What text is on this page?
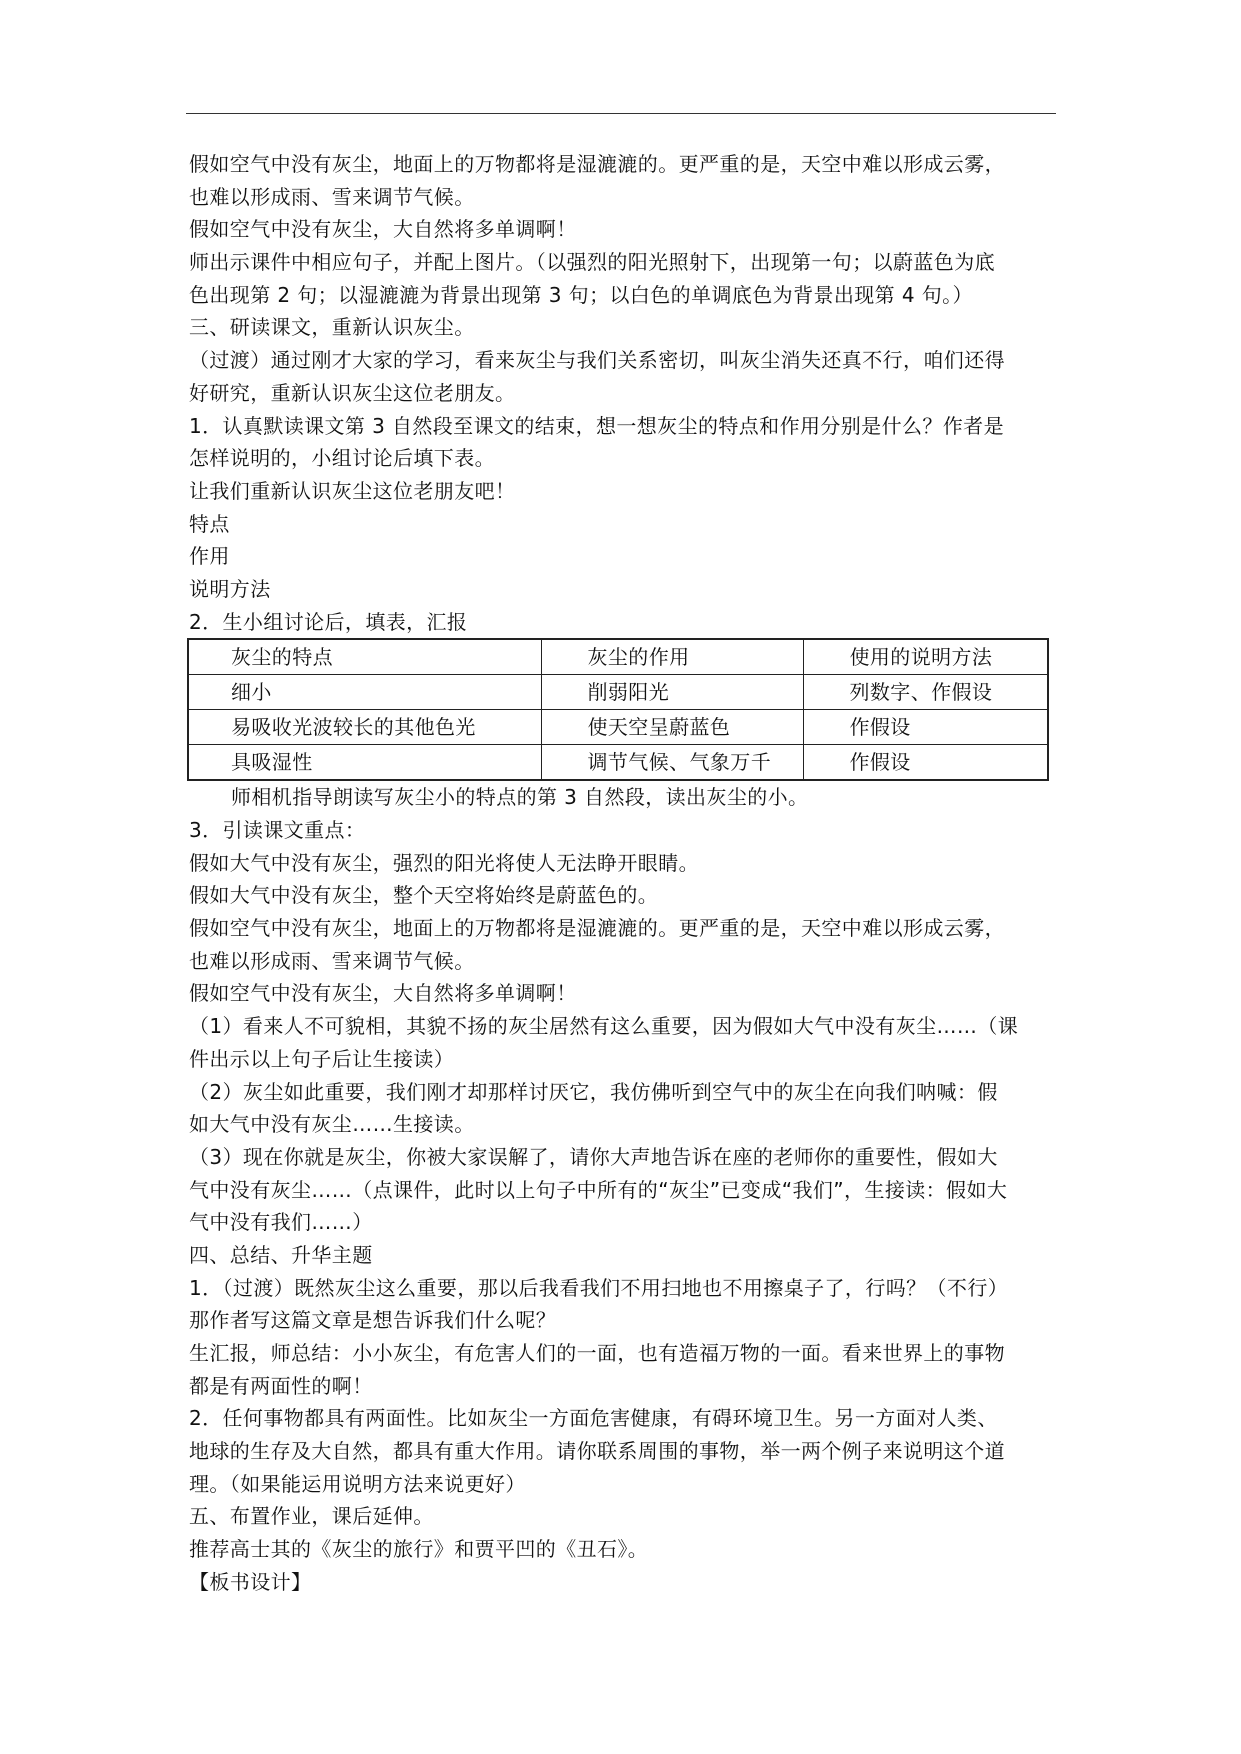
假如空气中没有灰尘，地面上的万物都将是湿漉漉的。更严重的是，天空中难以形成云雾，
也难以形成雨、雪来调节气候。
假如空气中没有灰尘，大自然将多单调啊！
师出示课件中相应句子，并配上图片。（以强烈的阳光照射下，出现第一句；以蔚蓝色为底
色出现第 2 句；以湿漉漉为背景出现第 3 句；以白色的单调底色为背景出现第 4 句。）
三、研读课文，重新认识灰尘。
（过渡）通过刚才大家的学习，看来灰尘与我们关系密切，叫灰尘消失还真不行，咱们还得
好研究，重新认识灰尘这位老朋友。
1．认真默读课文第 3 自然段至课文的结束，想一想灰尘的特点和作用分别是什么？作者是
怎样说明的，小组讨论后填下表。
让我们重新认识灰尘这位老朋友吧！
特点
作用
说明方法
2．生小组讨论后，填表，汇报
灰尘的特点	灰尘的作用	使用的说明方法
细小	削弱阳光	列数字、作假设
易吸收光波较长的其他色光	使天空呈蔚蓝色	作假设
具吸湿性	调节气候、气象万千	作假设
师相机指导朗读写灰尘小的特点的第 3 自然段，读出灰尘的小。
3．引读课文重点：
假如大气中没有灰尘，强烈的阳光将使人无法睁开眼睛。
假如大气中没有灰尘，整个天空将始终是蔚蓝色的。
假如空气中没有灰尘，地面上的万物都将是湿漉漉的。更严重的是，天空中难以形成云雾，
也难以形成雨、雪来调节气候。
假如空气中没有灰尘，大自然将多单调啊！
（1）看来人不可貌相，其貌不扬的灰尘居然有这么重要，因为假如大气中没有灰尘……（课
件出示以上句子后让生接读）
（2）灰尘如此重要，我们刚才却那样讨厌它，我仿佛听到空气中的灰尘在向我们呐喊：假
如大气中没有灰尘……生接读。
（3）现在你就是灰尘，你被大家误解了，请你大声地告诉在座的老师你的重要性，假如大
气中没有灰尘……（点课件，此时以上句子中所有的“灰尘”已变成“我们”，生接读：假如大
气中没有我们……）
四、总结、升华主题
1．（过渡）既然灰尘这么重要，那以后我看我们不用扫地也不用擦桌子了，行吗？（不行）
那作者写这篇文章是想告诉我们什么呢？
生汇报，师总结：小小灰尘，有危害人们的一面，也有造福万物的一面。看来世界上的事物
都是有两面性的啊！
2．任何事物都具有两面性。比如灰尘一方面危害健康，有碍环境卫生。另一方面对人类、
地球的生存及大自然，都具有重大作用。请你联系周围的事物，举一两个例子来说明这个道
理。（如果能运用说明方法来说更好）
五、布置作业，课后延伸。
推荐高士其的《灰尘的旅行》和贾平凹的《丑石》。
【板书设计】
